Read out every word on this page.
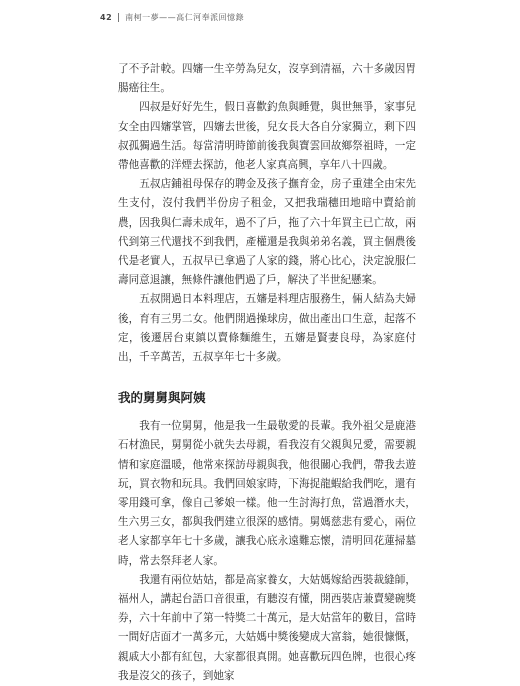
42 南柯一夢——高仁河奉派回憶錄

了不予計較。四嬸一生辛勞為兒女，沒享到清福，六十多歲因胃腸癌往生。

四叔是好好先生，假日喜歡釣魚與睡覺，與世無爭，家事兒女全由四嬸掌管，四嬸去世後，兒女長大各自分家獨立，剩下四叔孤獨過生活。每當清明時節前後我與寶雲回故鄉祭祖時，一定帶他喜歡的洋煙去探訪，他老人家真高興，享年八十四歲。

五叔店鋪祖母保存的聘金及孩子撫育金，房子重建全由宋先生支付，沒付我們半份房子租金，又把我瑞穗田地暗中賣給前農，因我與仁壽未成年，過不了戶，拖了六十年買主已亡故，兩代到第三代還找不到我們，產權還是我與弟弟名義，買主個農後代是老實人，五叔早已拿過了人家的錢，將心比心，決定說服仁壽同意退讓，無條件讓他們過了戶，解決了半世紀懸案。

五叔開過日本料理店，五嬸是料理店服務生，倆人結為夫婦後，育有三男二女。他們開過操球房，做出產出口生意，起落不定，後遷居台東鎮以賣條麵維生，五嬸是賢妻良母，為家庭付出，千辛萬苦，五叔享年七十多歲。

我的舅舅與阿姨

我有一位舅舅，他是我一生最敬愛的長輩。我外祖父是鹿港石材漁民，舅舅從小就失去母親，看我沒有父親與兄愛，需要親情和家庭溫暖，他常來探訪母親與我，他很關心我們，帶我去遊玩，買衣物和玩具。我們回娘家時，下海捉龍蝦給我們吃，還有零用錢可拿，像自己爹娘一樣。他一生討海打魚，當過潛水夫，生六男三女，都與我們建立很深的感情。舅媽慈悲有愛心，兩位老人家都享年七十多歲，讓我心底永遠難忘懷，清明回花蓮掃墓時，常去祭拜老人家。

我還有兩位姑姑，都是高家養女，大姑媽嫁給西裝裁縫師，福州人，講起台語口音很重，有聽沒有懂，開西裝店兼賣變碗獎券，六十年前中了第一特獎二十萬元，是大姑當年的數目，當時一間好店面才一萬多元，大姑媽中獎後變成大富翁，她很慷慨，親戚大小都有紅包，大家都很真開。她喜歡玩四色牌，也很心疼我是沒父的孩子，到她家
